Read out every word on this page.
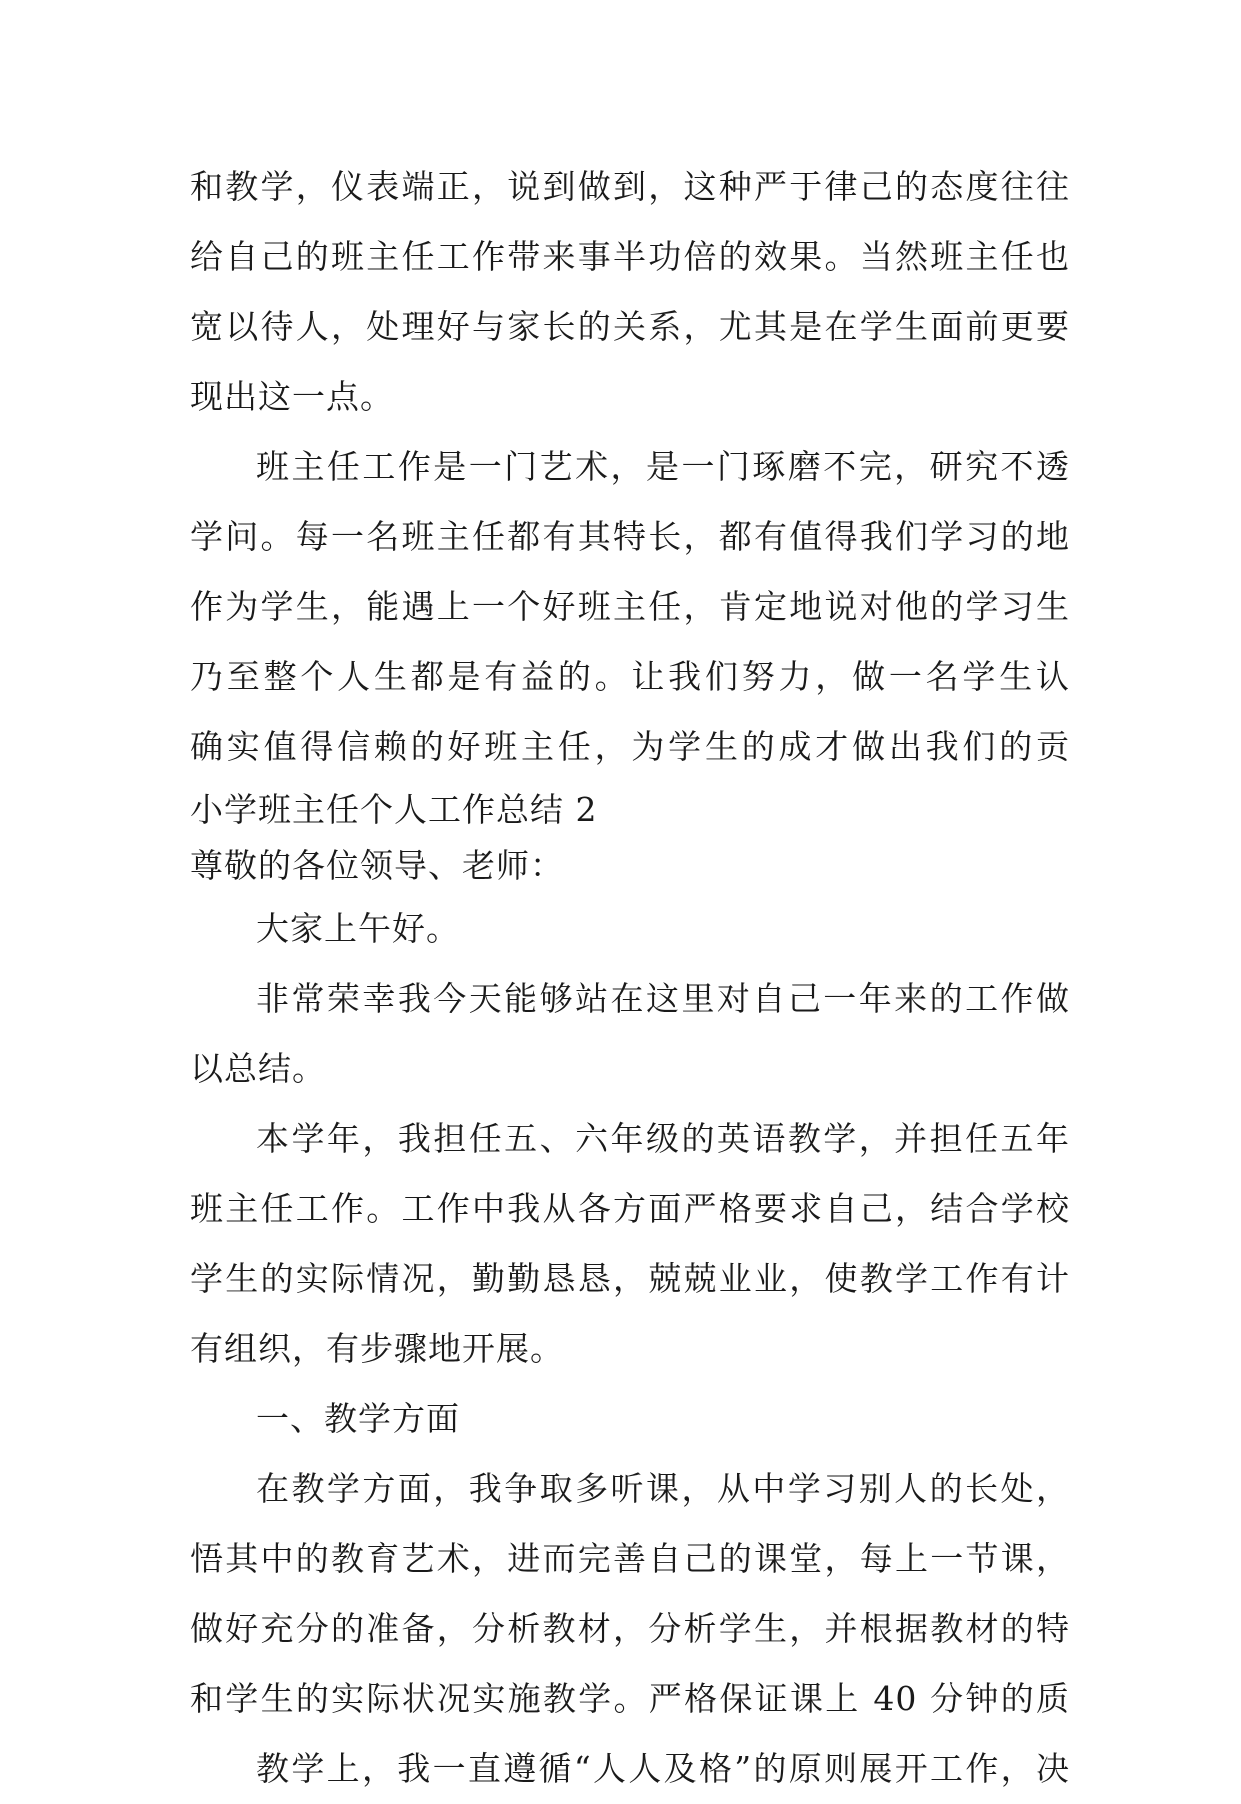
和教学，仪表端正，说到做到，这种严于律己的态度往往
给自己的班主任工作带来事半功倍的效果。当然班主任也
宽以待人，处理好与家长的关系，尤其是在学生面前更要
现出这一点。
班主任工作是一门艺术，是一门琢磨不完，研究不透
学问。每一名班主任都有其特长，都有值得我们学习的地
作为学生，能遇上一个好班主任，肯定地说对他的学习生
乃至整个人生都是有益的。让我们努力，做一名学生认
确实值得信赖的好班主任，为学生的成才做出我们的贡
小学班主任个人工作总结 2
尊敬的各位领导、老师：
大家上午好。
非常荣幸我今天能够站在这里对自己一年来的工作做
以总结。
本学年，我担任五、六年级的英语教学，并担任五年
班主任工作。工作中我从各方面严格要求自己，结合学校
学生的实际情况，勤勤恳恳，兢兢业业，使教学工作有计
有组织，有步骤地开展。
一、教学方面
在教学方面，我争取多听课，从中学习别人的长处，
悟其中的教育艺术，进而完善自己的课堂，每上一节课，
做好充分的准备，分析教材，分析学生，并根据教材的特
和学生的实际状况实施教学。严格保证课上 40 分钟的质
教学上，我一直遵循“人人及格”的原则展开工作，决
